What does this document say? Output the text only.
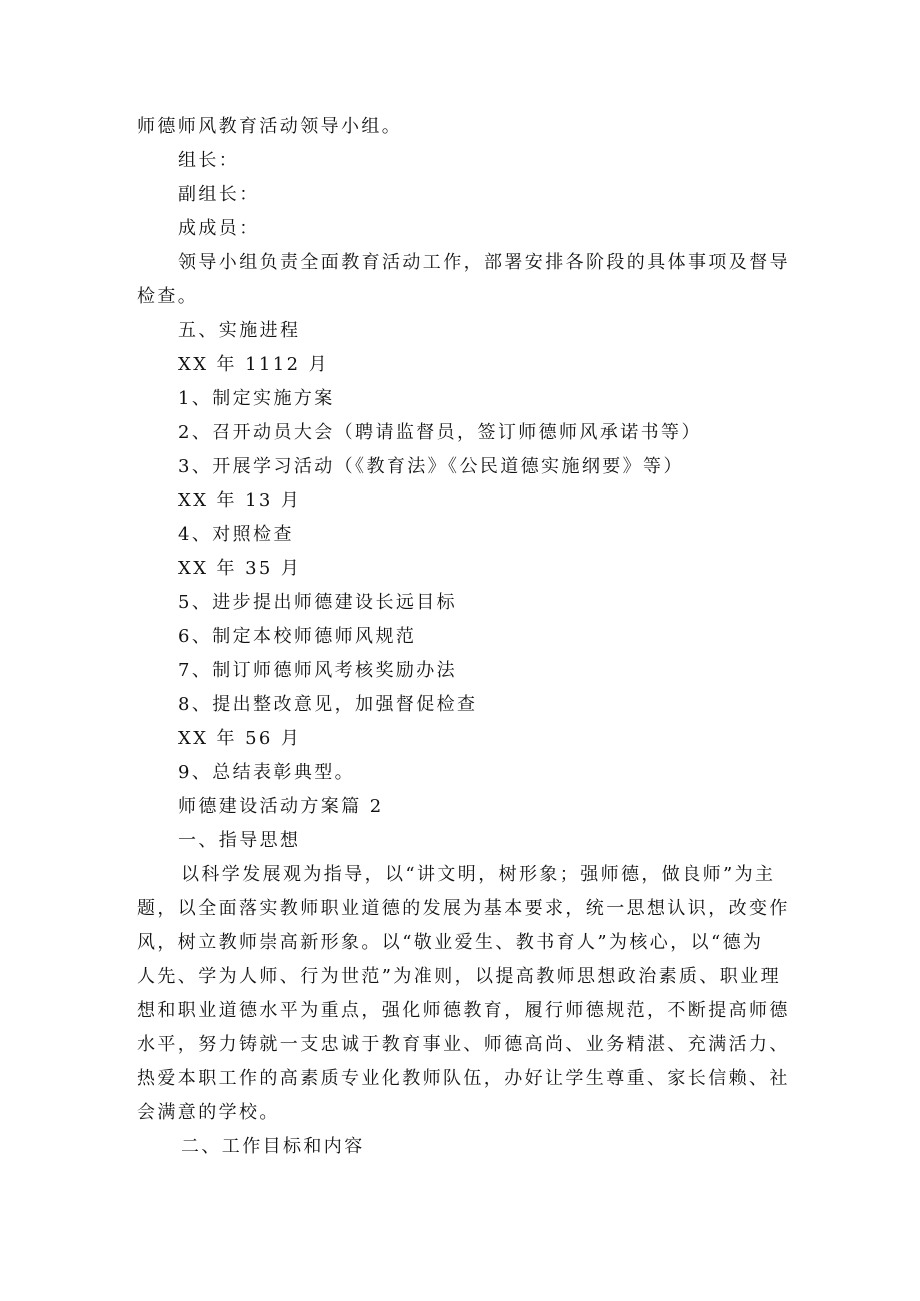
师德师风教育活动领导小组。
组长：
副组长：
成成员：
领导小组负责全面教育活动工作，部署安排各阶段的具体事项及督导
检查。
五、实施进程
XX 年 1112 月
1、制定实施方案
2、召开动员大会（聘请监督员，签订师德师风承诺书等）
3、开展学习活动（《教育法》《公民道德实施纲要》等）
XX 年 13 月
4、对照检查
XX 年 35 月
5、进步提出师德建设长远目标
6、制定本校师德师风规范
7、制订师德师风考核奖励办法
8、提出整改意见，加强督促检查
XX 年 56 月
9、总结表彰典型。
师德建设活动方案篇 2
一、指导思想
以科学发展观为指导，以“讲文明，树形象；强师德，做良师”为主
题，以全面落实教师职业道德的发展为基本要求，统一思想认识，改变作
风，树立教师崇高新形象。以“敬业爱生、教书育人”为核心，以“德为
人先、学为人师、行为世范”为准则，以提高教师思想政治素质、职业理
想和职业道德水平为重点，强化师德教育，履行师德规范，不断提高师德
水平，努力铸就一支忠诚于教育事业、师德高尚、业务精湛、充满活力、
热爱本职工作的高素质专业化教师队伍，办好让学生尊重、家长信赖、社
会满意的学校。
二、工作目标和内容
